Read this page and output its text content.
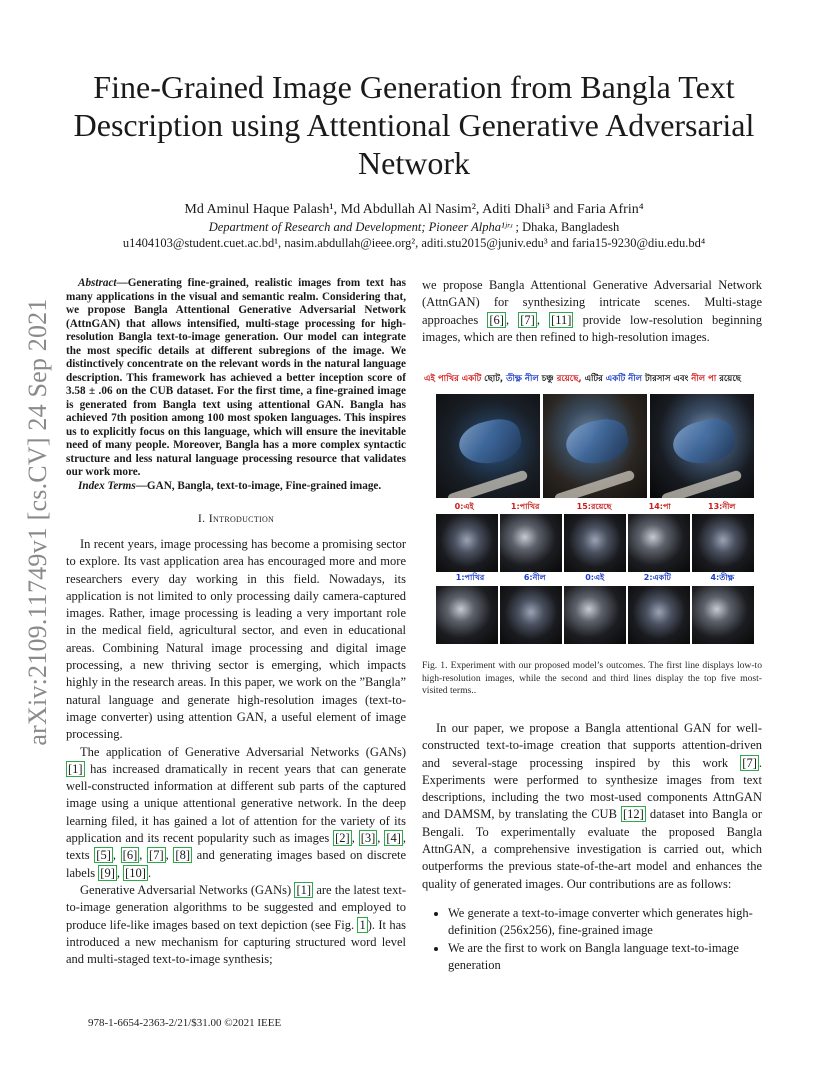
arXiv:2109.11749v1 [cs.CV] 24 Sep 2021
Fine-Grained Image Generation from Bangla Text Description using Attentional Generative Adversarial Network
Md Aminul Haque Palash¹, Md Abdullah Al Nasim², Aditi Dhali³ and Faria Afrin⁴
Department of Research and Development; Pioneer Alpha¹ʲʳʴ ; Dhaka, Bangladesh
u1404103@student.cuet.ac.bd¹, nasim.abdullah@ieee.org², aditi.stu2015@juniv.edu³ and faria15-9230@diu.edu.bd⁴

Abstract—Generating fine-grained, realistic images from text has many applications in the visual and semantic realm. Considering that, we propose Bangla Attentional Generative Adversarial Network (AttnGAN) that allows intensified, multi-stage processing for high-resolution Bangla text-to-image generation. Our model can integrate the most specific details at different subregions of the image. We distinctively concentrate on the relevant words in the natural language description. This framework has achieved a better inception score of 3.58 ± .06 on the CUB dataset. For the first time, a fine-grained image is generated from Bangla text using attentional GAN. Bangla has achieved 7th position among 100 most spoken languages. This inspires us to explicitly focus on this language, which will ensure the inevitable need of many people. Moreover, Bangla has a more complex syntactic structure and less natural language processing resource that validates our work more.

Index Terms—GAN, Bangla, text-to-image, Fine-grained image.

I. Introduction

In recent years, image processing has become a promising sector to explore. Its vast application area has encouraged more and more researchers every day working in this field. Nowadays, its application is not limited to only processing daily camera-captured images. Rather, image processing is leading a very important role in the medical field, agricultural sector, and even in educational areas. Combining Natural image processing and digital image processing, a new thriving sector is emerging, which impacts highly in the research areas. In this paper, we work on the ”Bangla” natural language and generate high-resolution images (text-to-image converter) using attention GAN, a useful element of image processing.

The application of Generative Adversarial Networks (GANs) [1] has increased dramatically in recent years that can generate well-constructed information at different sub parts of the captured image using a unique attentional generative network. In the deep learning filed, it has gained a lot of attention for the variety of its application and its recent popularity such as images [2] , [3] , [4] , texts [5] , [6] , [7] , [8] and generating images based on discrete labels [9] , [10] .

Generative Adversarial Networks (GANs) [1] are the latest text-to-image generation algorithms to be suggested and employed to produce life-like images based on text depiction (see Fig. 1 ). It has introduced a new mechanism for capturing structured word level and multi-staged text-to-image synthesis;

we propose Bangla Attentional Generative Adversarial Network (AttnGAN) for synthesizing intricate scenes. Multi-stage approaches [6] , [7] , [11] provide low-resolution beginning images, which are then refined to high-resolution images.

এই পাখির একটি ছোট, তীক্ষ্ণ নীল চঞ্চু রয়েছে, এটির একটি নীল টারসাস এবং নীল পা রয়েছে
0:এই	1:পাখির	15:রয়েছে	14:পা	13:নীল
1:পাখির	6:নীল	0:এই	2:একটি	4:তীক্ষ্ণ

Fig. 1. Experiment with our proposed model’s outcomes. The first line displays low-to high-resolution images, while the second and third lines display the top five most-visited terms..

In our paper, we propose a Bangla attentional GAN for well-constructed text-to-image creation that supports attention-driven and several-stage processing inspired by this work [7] . Experiments were performed to synthesize images from text descriptions, including the two most-used components AttnGAN and DAMSM, by translating the CUB [12] dataset into Bangla or Bengali. To experimentally evaluate the proposed Bangla AttnGAN, a comprehensive investigation is carried out, which outperforms the previous state-of-the-art model and enhances the quality of generated images. Our contributions are as follows:

• We generate a text-to-image converter which generates high-definition (256x256), fine-grained image
• We are the first to work on Bangla language text-to-image generation
978-1-6654-2363-2/21/$31.00 ©2021 IEEE
